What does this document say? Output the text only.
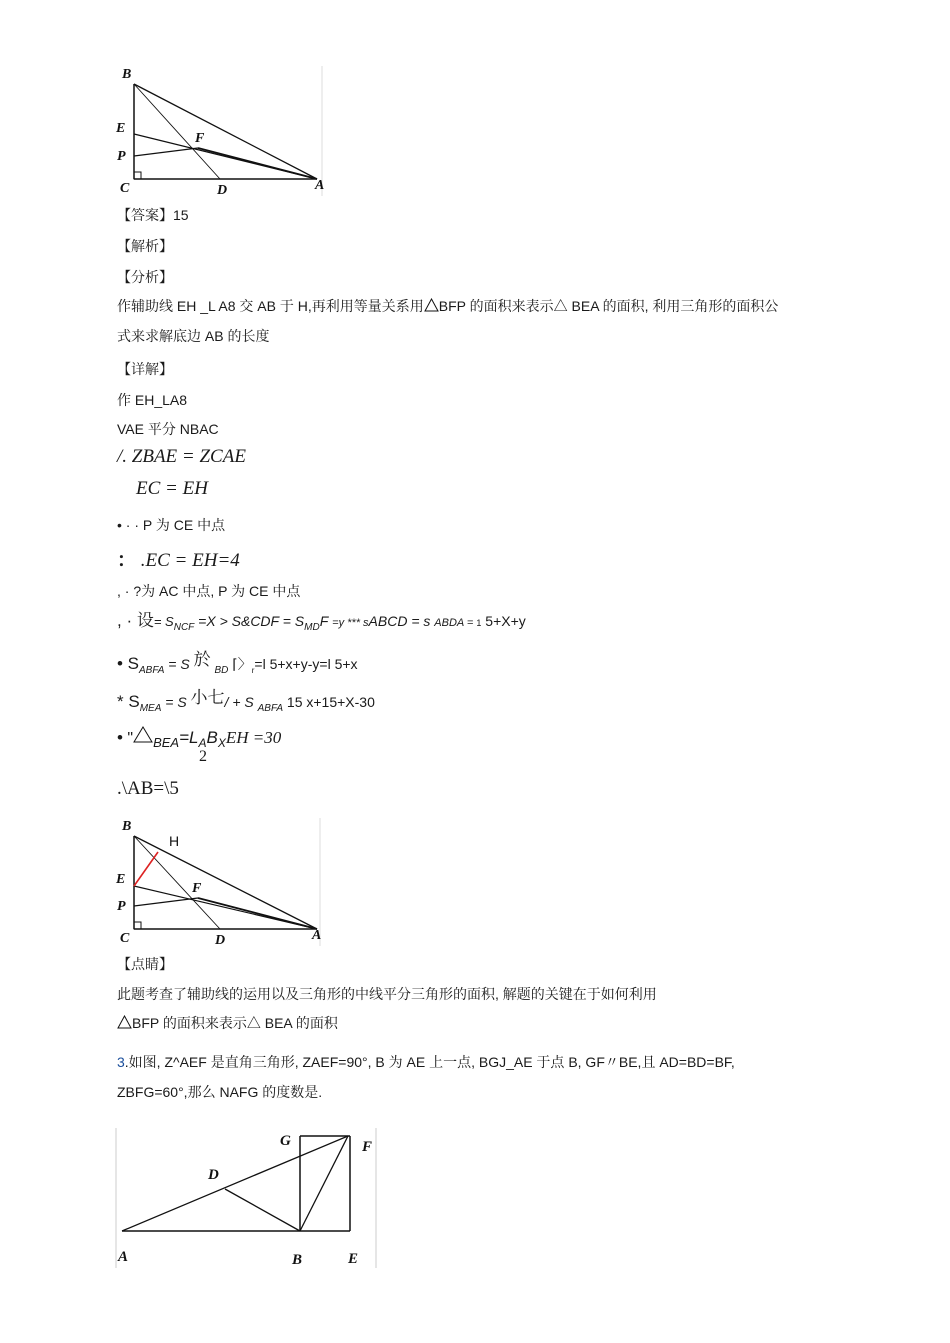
B
E
P
C
F
D	A
【答案】15
【解析】
【分析】
作辅助线 EH _L A8 交 AB 于 H,再利用等量关系用 BFP 的面积来表示△ BEA 的面积, 利用三角形的面积公
式来求解底边 AB 的长度
【详解】
作 EH_LA8
VAE 平分 NBAC
/. ZBAE = ZCAE
EC = EH
• · · P 为 CE 中点
： .EC = EH=4
, · ?为 AC 中点, P 为 CE 中点
, · 设= $S_{NCF} =X$ > S&CDF = $S_{MD}F =y$ *** sABCD = s ABDA = 1 5+X+y
• $S_{ABFA} = S$ 於 $_{BD}$ ⌈〉$_r$=l 5+x+y-y=l 5+x
* $S_{MEA} = S$ 小七/ + S $_{ABFA}$ 15 x+15+X-30
• " $_{BEA}=L_AB_XEH =30$
2
.\AB=\5
B
H
E
F
P
C	D	A
【点睛】
此题考查了辅助线的运用以及三角形的中线平分三角形的面积, 解题的关键在于如何利用
BFP 的面积来表示△ BEA 的面积
3.如图, Z^AEF 是直角三角形, ZAEF=90°, B 为 AE 上一点, BGJ_AE 于点 B, GF〃BE,且 AD=BD=BF,
ZBFG=60°,那么 NAFG 的度数是.
G	F
D
A	B	E
